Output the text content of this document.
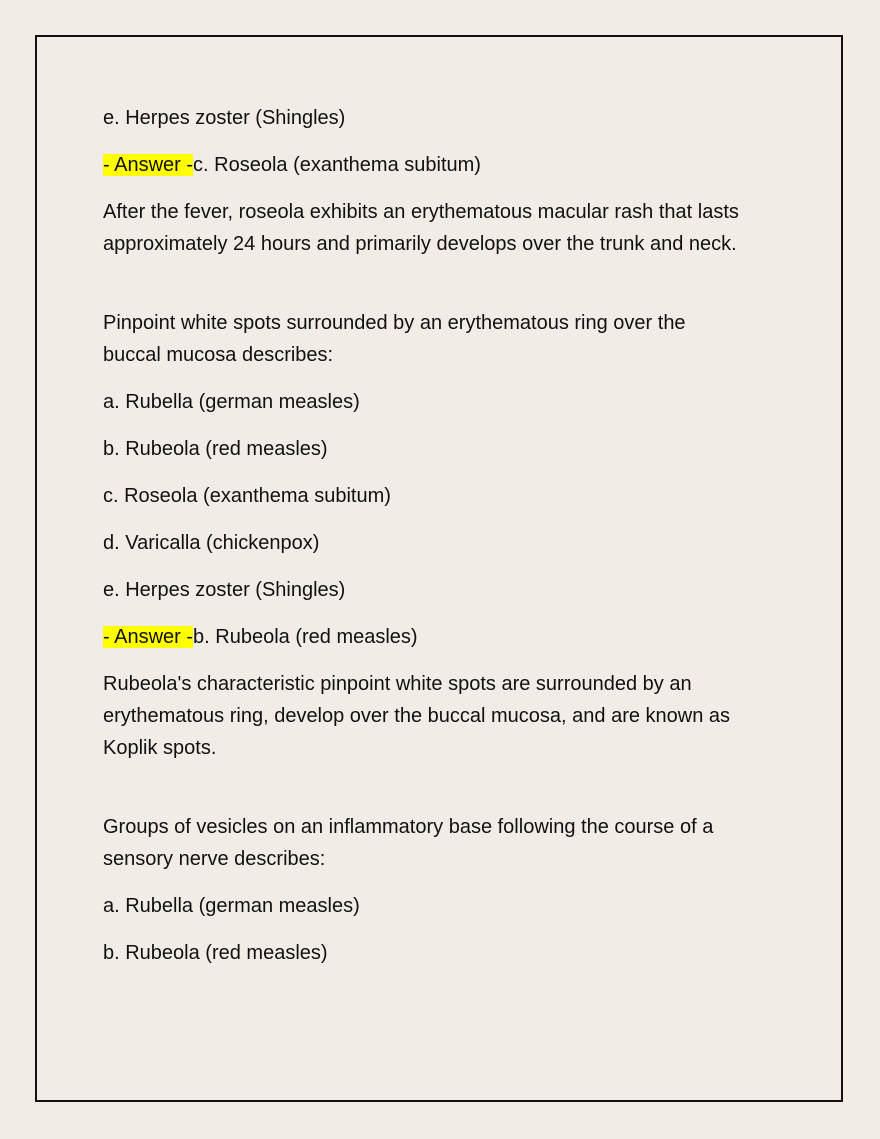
e. Herpes zoster (Shingles)
- Answer -c. Roseola (exanthema subitum)
After the fever, roseola exhibits an erythematous macular rash that lasts
approximately 24 hours and primarily develops over the trunk and neck.
Pinpoint white spots surrounded by an erythematous ring over the
buccal mucosa describes:
a. Rubella (german measles)
b. Rubeola (red measles)
c. Roseola (exanthema subitum)
d. Varicalla (chickenpox)
e. Herpes zoster (Shingles)
- Answer -b. Rubeola (red measles)
Rubeola's characteristic pinpoint white spots are surrounded by an
erythematous ring, develop over the buccal mucosa, and are known as
Koplik spots.
Groups of vesicles on an inflammatory base following the course of a
sensory nerve describes:
a. Rubella (german measles)
b. Rubeola (red measles)
